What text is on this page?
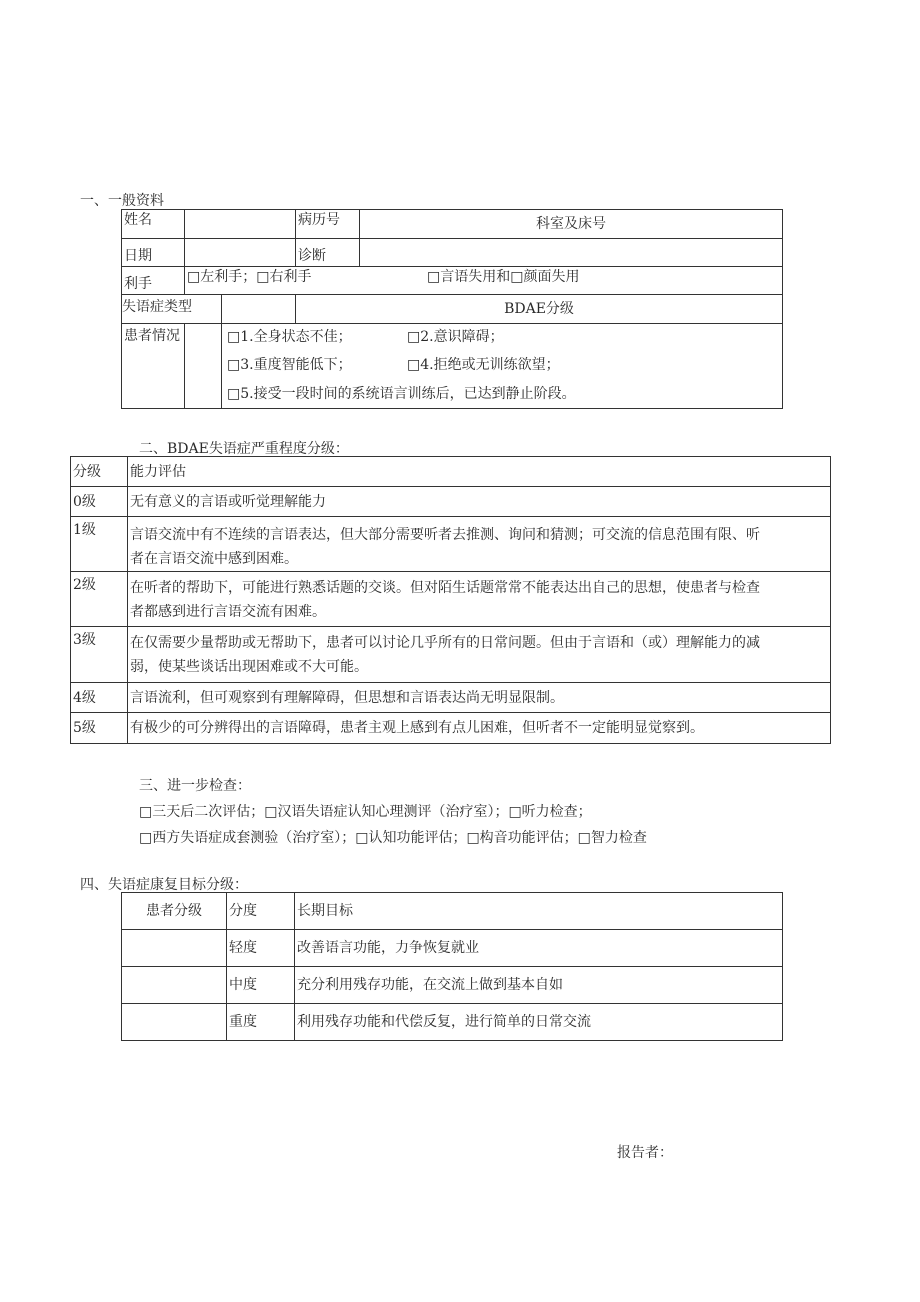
一、一般资料
姓名		病历号	科室及床号
日期		诊断	
利手	□左利手；□右利手 □言语失用和□颜面失用		

失语症类型		BDAE分级	
患者情况	□1.全身状态不佳； □2.意识障碍；
□3.重度智能低下； □4.拒绝或无训练欲望；
□5.接受一段时间的系统语言训练后，已达到静止阶段。		
二、BDAE失语症严重程度分级：
分级	能力评估
0级	无有意义的言语或听觉理解能力
1级	言语交流中有不连续的言语表达，但大部分需要听者去推测、询问和猜测；可交流的信息范围有限、听
者在言语交流中感到困难。

2级	在听者的帮助下，可能进行熟悉话题的交谈。但对陌生话题常常不能表达出自己的思想，使患者与检查
者都感到进行言语交流有困难。

3级	在仅需要少量帮助或无帮助下，患者可以讨论几乎所有的日常问题。但由于言语和（或）理解能力的减
弱，使某些谈话出现困难或不大可能。

4级	言语流利，但可观察到有理解障碍，但思想和言语表达尚无明显限制。
5级	有极少的可分辨得出的言语障碍，患者主观上感到有点儿困难，但听者不一定能明显觉察到。
三、进一步检查：
□三天后二次评估；□汉语失语症认知心理测评（治疗室）；□听力检查；
□西方失语症成套测验（治疗室）；□认知功能评估；□构音功能评估；□智力检查
四、失语症康复目标分级：
患者分级	分度	长期目标
	轻度	改善语言功能，力争恢复就业
	中度	充分利用残存功能，在交流上做到基本自如
	重度	利用残存功能和代偿反复，进行简单的日常交流
报告者：
